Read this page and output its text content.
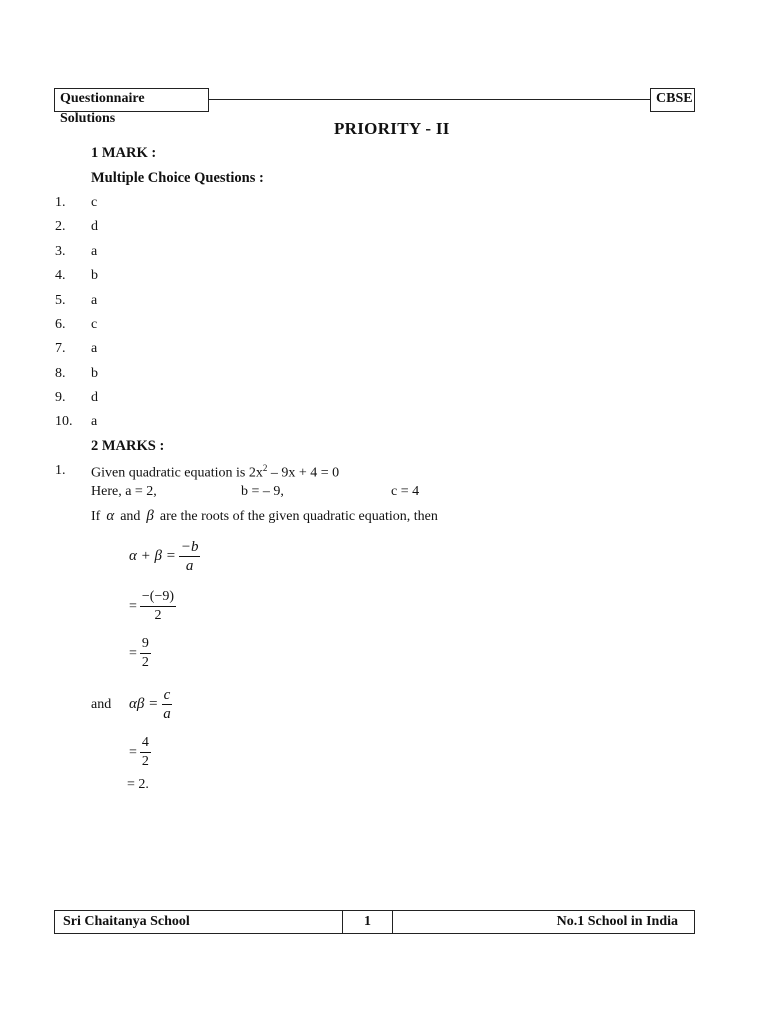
Questionnaire Solutions
CBSE
PRIORITY - II
1 MARK :
Multiple Choice Questions :
1. c
2. d
3. a
4. b
5. a
6. c
7. a
8. b
9. d
10. a
2 MARKS :
1. Given quadratic equation is $2x^2 - 9x + 4 = 0$
Here, a = 2,	b = – 9,	c = 4
If α and β are the roots of the given quadratic equation, then
$\alpha + \beta = \frac{-b}{a}$
= $\frac{-(-9)}{2}$
= $\frac{9}{2}$
and $\alpha\beta = \frac{c}{a}$
= $\frac{4}{2}$
= 2.
Sri Chaitanya School	1	No.1 School in India
